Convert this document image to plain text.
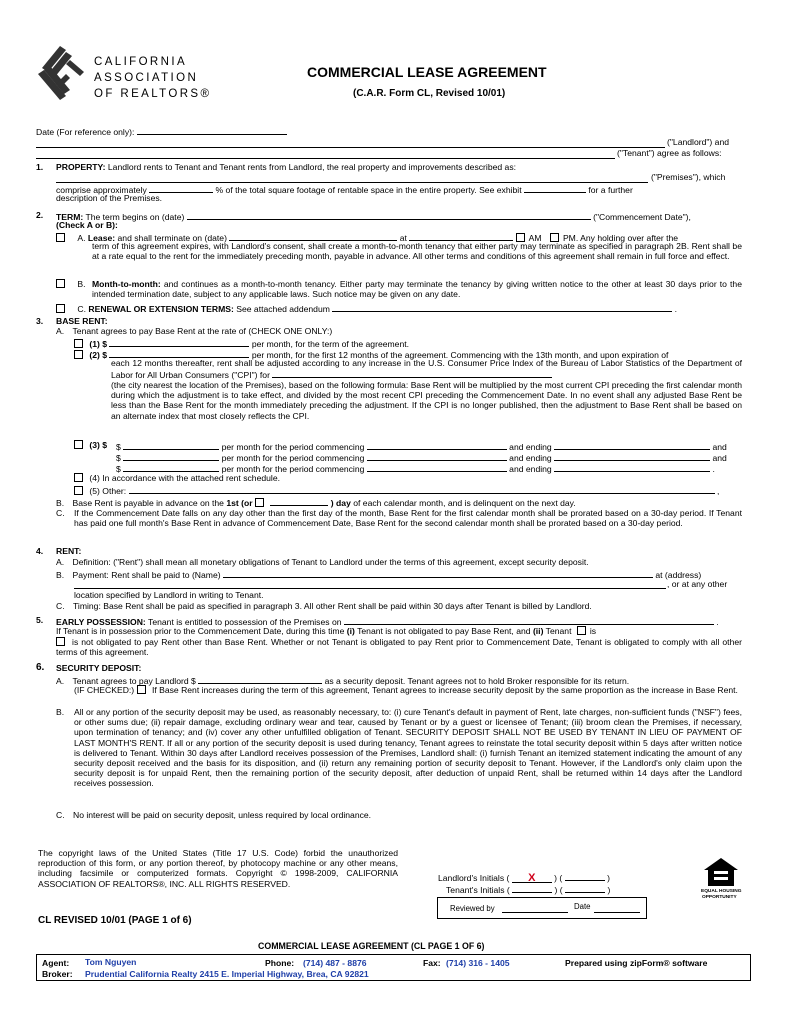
CALIFORNIA
ASSOCIATION
OF REALTORS®
COMMERCIAL LEASE AGREEMENT
(C.A.R. Form CL, Revised 10/01)
Date (For reference only):
("Landlord") and
("Tenant") agree as follows:
1. PROPERTY: Landlord rents to Tenant and Tenant rents from Landlord, the real property and improvements described as:
("Premises"), which
comprise approximately	% of the total square footage of rentable space in the entire property. See exhibit	for a further
description of the Premises.
2. TERM: The term begins on (date)	("Commencement Date"),
(Check A or B):
A. Lease: and shall terminate on (date)	at	AM PM. Any holding over after the
term of this agreement expires, with Landlord's consent, shall create a month-to-month tenancy that either party may terminate as specified in paragraph 2B. Rent shall be at a rate equal to the rent for the immediately preceding month, payable in advance. All other terms and conditions of this agreement shall remain in full force and effect.
B. Month-to-month: and continues as a month-to-month tenancy. Either party may terminate the tenancy by giving written notice to the other at least 30 days prior to the intended termination date, subject to any applicable laws. Such notice may be given on any date.
C. RENEWAL OR EXTENSION TERMS: See attached addendum	.
3. BASE RENT:
A. Tenant agrees to pay Base Rent at the rate of (CHECK ONE ONLY:)
(1) $	per month, for the term of the agreement.
(2) $	per month, for the first 12 months of the agreement. Commencing with the 13th month, and upon expiration of
each 12 months thereafter, rent shall be adjusted according to any increase in the U.S. Consumer Price Index of the Bureau of Labor Statistics of the Department of Labor for All Urban Consumers ("CPI") for
(the city nearest the location of the Premises), based on the following formula: Base Rent will be multiplied by the most current CPI preceding the first calendar month during which the adjustment is to take effect, and divided by the most recent CPI preceding the Commencement Date. In no event shall any adjusted Base Rent be less than the Base Rent for the month immediately preceding the adjustment. If the CPI is no longer published, then the adjustment to Base Rent shall be based on an alternate index that most closely reflects the CPI.
(3) $ $	per month for the period commencing	and ending	and
$	per month for the period commencing	and ending	and
$	per month for the period commencing	and ending	.
(4) In accordance with the attached rent schedule.
(5) Other:	,
B. Base Rent is payable in advance on the 1st (or	) day of each calendar month, and is delinquent on the next day.
C. If the Commencement Date falls on any day other than the first day of the month, Base Rent for the first calendar month shall be prorated based on a 30-day period. If Tenant has paid one full month's Base Rent in advance of Commencement Date, Base Rent for the second calendar month shall be prorated based on a 30-day period.
4. RENT:
A. Definition: ("Rent") shall mean all monetary obligations of Tenant to Landlord under the terms of this agreement, except security deposit.
B. Payment: Rent shall be paid to (Name)	at (address)
, or at any other
location specified by Landlord in writing to Tenant.
C. Timing: Base Rent shall be paid as specified in paragraph 3. All other Rent shall be paid within 30 days after Tenant is billed by Landlord.
5. EARLY POSSESSION: Tenant is entitled to possession of the Premises on	.
If Tenant is in possession prior to the Commencement Date, during this time (i) Tenant is not obligated to pay Base Rent, and (ii) Tenant is
is not obligated to pay Rent other than Base Rent. Whether or not Tenant is obligated to pay Rent prior to Commencement Date, Tenant is obligated to comply with all other terms of this agreement.
6. SECURITY DEPOSIT:
A. Tenant agrees to pay Landlord $	as a security deposit. Tenant agrees not to hold Broker responsible for its return.
(IF CHECKED:) If Base Rent increases during the term of this agreement, Tenant agrees to increase security deposit by the same proportion as the increase in Base Rent.
B. All or any portion of the security deposit may be used, as reasonably necessary, to: (i) cure Tenant's default in payment of Rent, late charges, non-sufficient funds ("NSF") fees, or other sums due; (ii) repair damage, excluding ordinary wear and tear, caused by Tenant or by a guest or licensee of Tenant; (iii) broom clean the Premises, if necessary, upon termination of tenancy; and (iv) cover any other unfulfilled obligation of Tenant. SECURITY DEPOSIT SHALL NOT BE USED BY TENANT IN LIEU OF PAYMENT OF LAST MONTH'S RENT. If all or any portion of the security deposit is used during tenancy, Tenant agrees to reinstate the total security deposit within 5 days after written notice is delivered to Tenant. Within 30 days after Landlord receives possession of the Premises, Landlord shall: (i) furnish Tenant an itemized statement indicating the amount of any security deposit received and the basis for its disposition, and (ii) return any remaining portion of security deposit to Tenant. However, if the Landlord's only claim upon the security deposit is for unpaid Rent, then the remaining portion of the security deposit, after deduction of unpaid Rent, shall be returned within 14 days after the Landlord receives possession.
C. No interest will be paid on security deposit, unless required by local ordinance.
The copyright laws of the United States (Title 17 U.S. Code) forbid the unauthorized reproduction of this form, or any portion thereof, by photocopy machine or any other means, including facsimile or computerized formats. Copyright © 1998-2009, CALIFORNIA ASSOCIATION OF REALTORS®, INC. ALL RIGHTS RESERVED.
CL REVISED 10/01 (PAGE 1 of 6)
Landlord's Initials ( X ) (	)
Tenant's Initials (	) (	)
Reviewed by	Date
EQUAL HOUSING
OPPORTUNITY
COMMERCIAL LEASE AGREEMENT (CL PAGE 1 OF 6)
Agent: Tom Nguyen	Phone: (714) 487 - 8876	Fax: (714) 316 - 1405	Prepared using zipForm® software
Broker: Prudential California Realty 2415 E. Imperial Highway, Brea, CA 92821
